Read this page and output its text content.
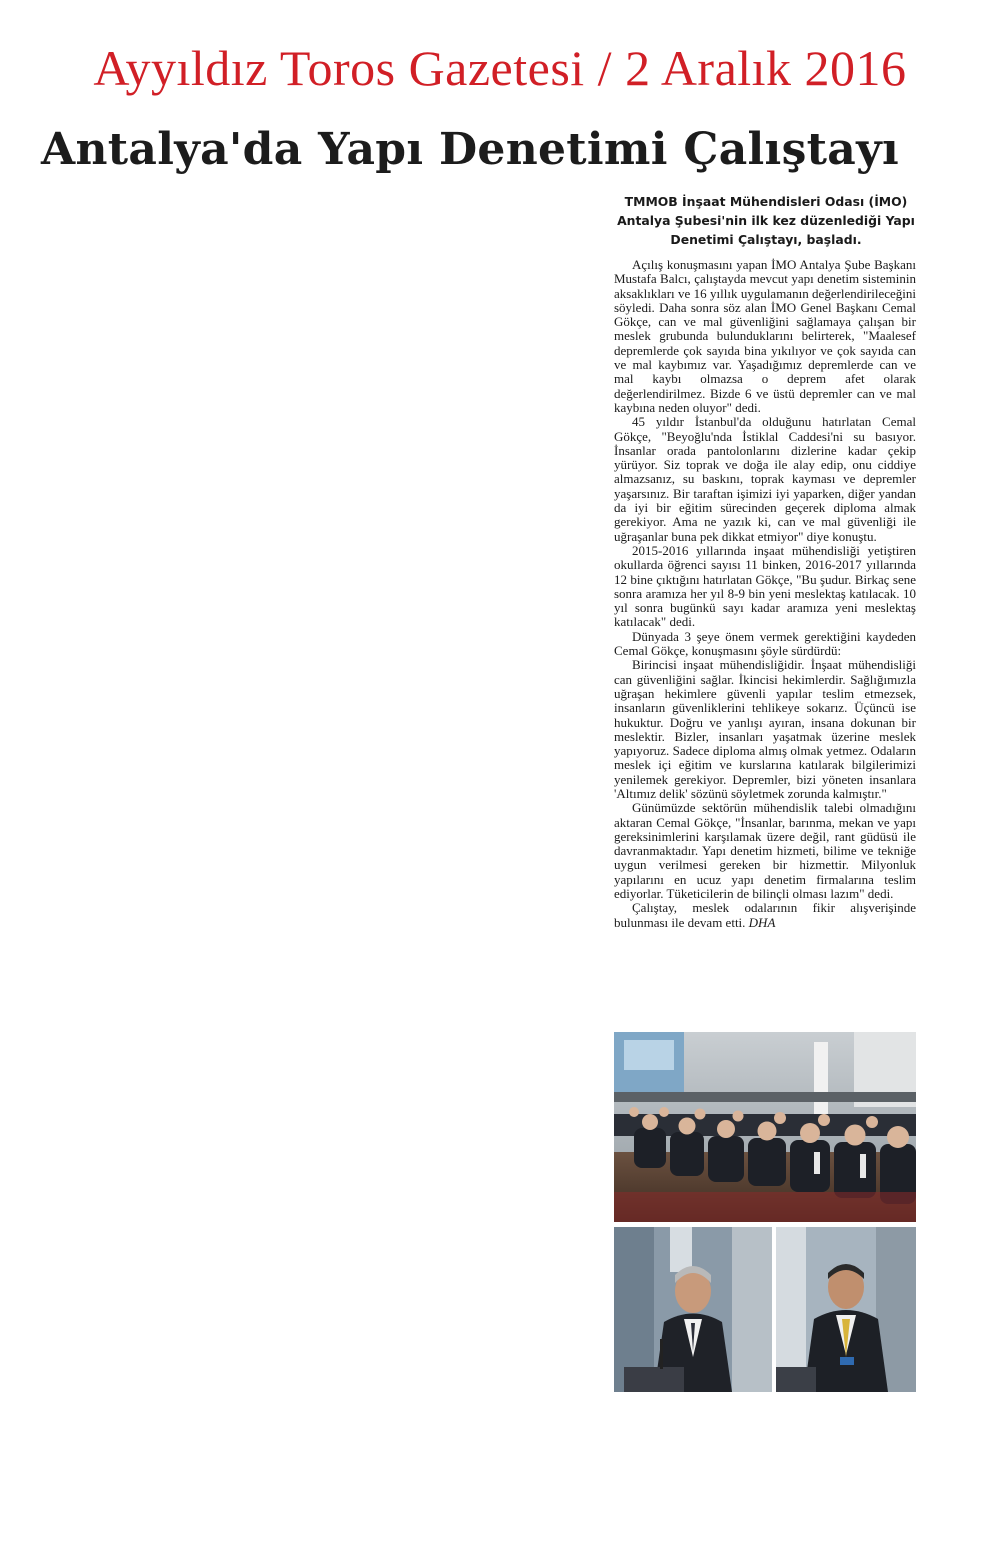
Ayyıldız Toros Gazetesi / 2 Aralık 2016
Antalya'da Yapı Denetimi Çalıştayı
TMMOB İnşaat Mühendisleri Odası (İMO) Antalya Şubesi'nin ilk kez düzenlediği Yapı Denetimi Çalıştayı, başladı.

Açılış konuşmasını yapan İMO Antalya Şube Başkanı Mustafa Balcı, çalıştayda mevcut yapı denetim sisteminin aksaklıkları ve 16 yıllık uygulamanın değerlendirileceğini söyledi. Daha sonra söz alan İMO Genel Başkanı Cemal Gökçe, can ve mal güvenliğini sağlamaya çalışan bir meslek grubunda bulunduklarını belirterek, "Maalesef depremlerde çok sayıda bina yıkılıyor ve çok sayıda can ve mal kaybımız var. Yaşadığımız depremlerde can ve mal kaybı olmazsa o deprem afet olarak değerlendirilmez. Bizde 6 ve üstü depremler can ve mal kaybına neden oluyor" dedi.

45 yıldır İstanbul'da olduğunu hatırlatan Cemal Gökçe, "Beyoğlu'nda İstiklal Caddesi'ni su basıyor. İnsanlar orada pantolonlarını dizlerine kadar çekip yürüyor. Siz toprak ve doğa ile alay edip, onu ciddiye almazsanız, su baskını, toprak kayması ve depremler yaşarsınız. Bir taraftan işimizi iyi yaparken, diğer yandan da iyi bir eğitim sürecinden geçerek diploma almak gerekiyor. Ama ne yazık ki, can ve mal güvenliği ile uğraşanlar buna pek dikkat etmiyor" diye konuştu.

2015-2016 yıllarında inşaat mühendisliği yetiştiren okullarda öğrenci sayısı 11 binken, 2016-2017 yıllarında 12 bine çıktığını hatırlatan Gökçe, "Bu şudur. Birkaç sene sonra aramıza her yıl 8-9 bin yeni meslektaş katılacak. 10 yıl sonra bugünkü sayı kadar aramıza yeni meslektaş katılacak" dedi.

Dünyada 3 şeye önem vermek gerektiğini kaydeden Cemal Gökçe, konuşmasını şöyle sürdürdü:

Birincisi inşaat mühendisliğidir. İnşaat mühendisliği can güvenliğini sağlar. İkincisi hekimlerdir. Sağlığımızla uğraşan hekimlere güvenli yapılar teslim etmezsek, insanların güvenliklerini tehlikeye sokarız. Üçüncü ise hukuktur. Doğru ve yanlışı ayıran, insana dokunan bir meslektir. Bizler, insanları yaşatmak üzerine meslek yapıyoruz. Sadece diploma almış olmak yetmez. Odaların meslek içi eğitim ve kurslarına katılarak bilgilerimizi yenilemek gerekiyor. Depremler, bizi yöneten insanlara 'Altımız delik' sözünü söyletmek zorunda kalmıştır."

Günümüzde sektörün mühendislik talebi olmadığını aktaran Cemal Gökçe, "İnsanlar, barınma, mekan ve yapı gereksinimlerini karşılamak üzere değil, rant güdüsü ile davranmaktadır. Yapı denetim hizmeti, bilime ve tekniğe uygun verilmesi gereken bir hizmettir. Milyonluk yapılarını en ucuz yapı denetim firmalarına teslim ediyorlar. Tüketicilerin de bilinçli olması lazım" dedi.

Çalıştay, meslek odalarının fikir alışverişinde bulunması ile devam etti. DHA
